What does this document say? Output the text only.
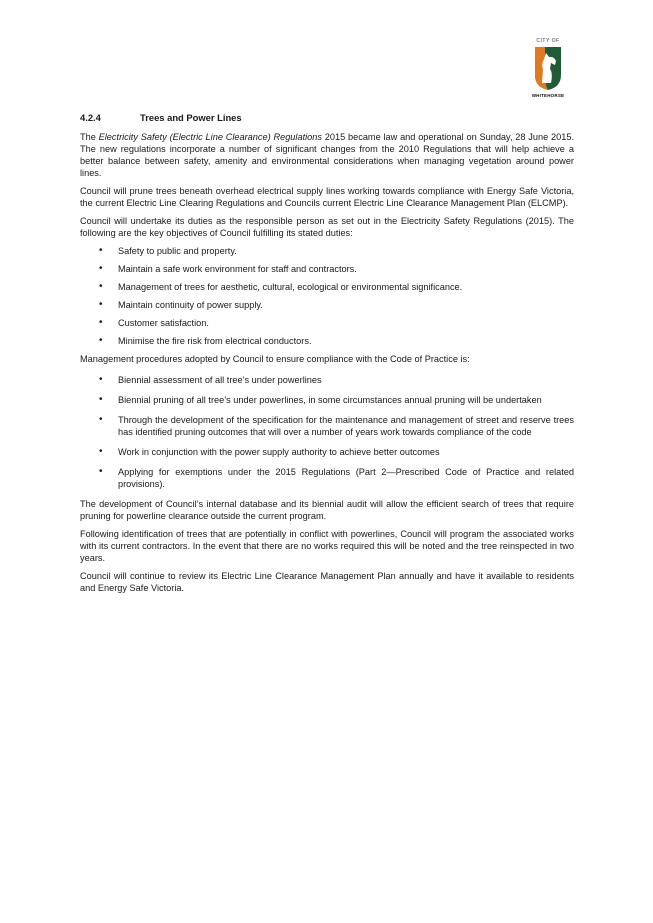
CITY OF
WHITEHORSE
4.2.4	Trees and Power Lines

The Electricity Safety (Electric Line Clearance) Regulations 2015 became law and operational on Sunday, 28 June 2015. The new regulations incorporate a number of significant changes from the 2010 Regulations that will help achieve a better balance between safety, amenity and environmental considerations when managing vegetation around power lines.

Council will prune trees beneath overhead electrical supply lines working towards compliance with Energy Safe Victoria, the current Electric Line Clearing Regulations and Councils current Electric Line Clearance Management Plan (ELCMP).

Council will undertake its duties as the responsible person as set out in the Electricity Safety Regulations (2015). The following are the key objectives of Council fulfilling its stated duties:

• Safety to public and property.
• Maintain a safe work environment for staff and contractors.
• Management of trees for aesthetic, cultural, ecological or environmental significance.
• Maintain continuity of power supply.
• Customer satisfaction.
• Minimise the fire risk from electrical conductors.

Management procedures adopted by Council to ensure compliance with the Code of Practice is:

• Biennial assessment of all tree’s under powerlines
• Biennial pruning of all tree’s under powerlines, in some circumstances annual pruning will be undertaken
• Through the development of the specification for the maintenance and management of street and reserve trees has identified pruning outcomes that will over a number of years work towards compliance of the code
• Work in conjunction with the power supply authority to achieve better outcomes
• Applying for exemptions under the 2015 Regulations (Part 2—Prescribed Code of Practice and related provisions).

The development of Council’s internal database and its biennial audit will allow the efficient search of trees that require pruning for powerline clearance outside the current program.

Following identification of trees that are potentially in conflict with powerlines, Council will program the associated works with its current contractors. In the event that there are no works required this will be noted and the tree reinspected in two years.

Council will continue to review its Electric Line Clearance Management Plan annually and have it available to residents and Energy Safe Victoria.
